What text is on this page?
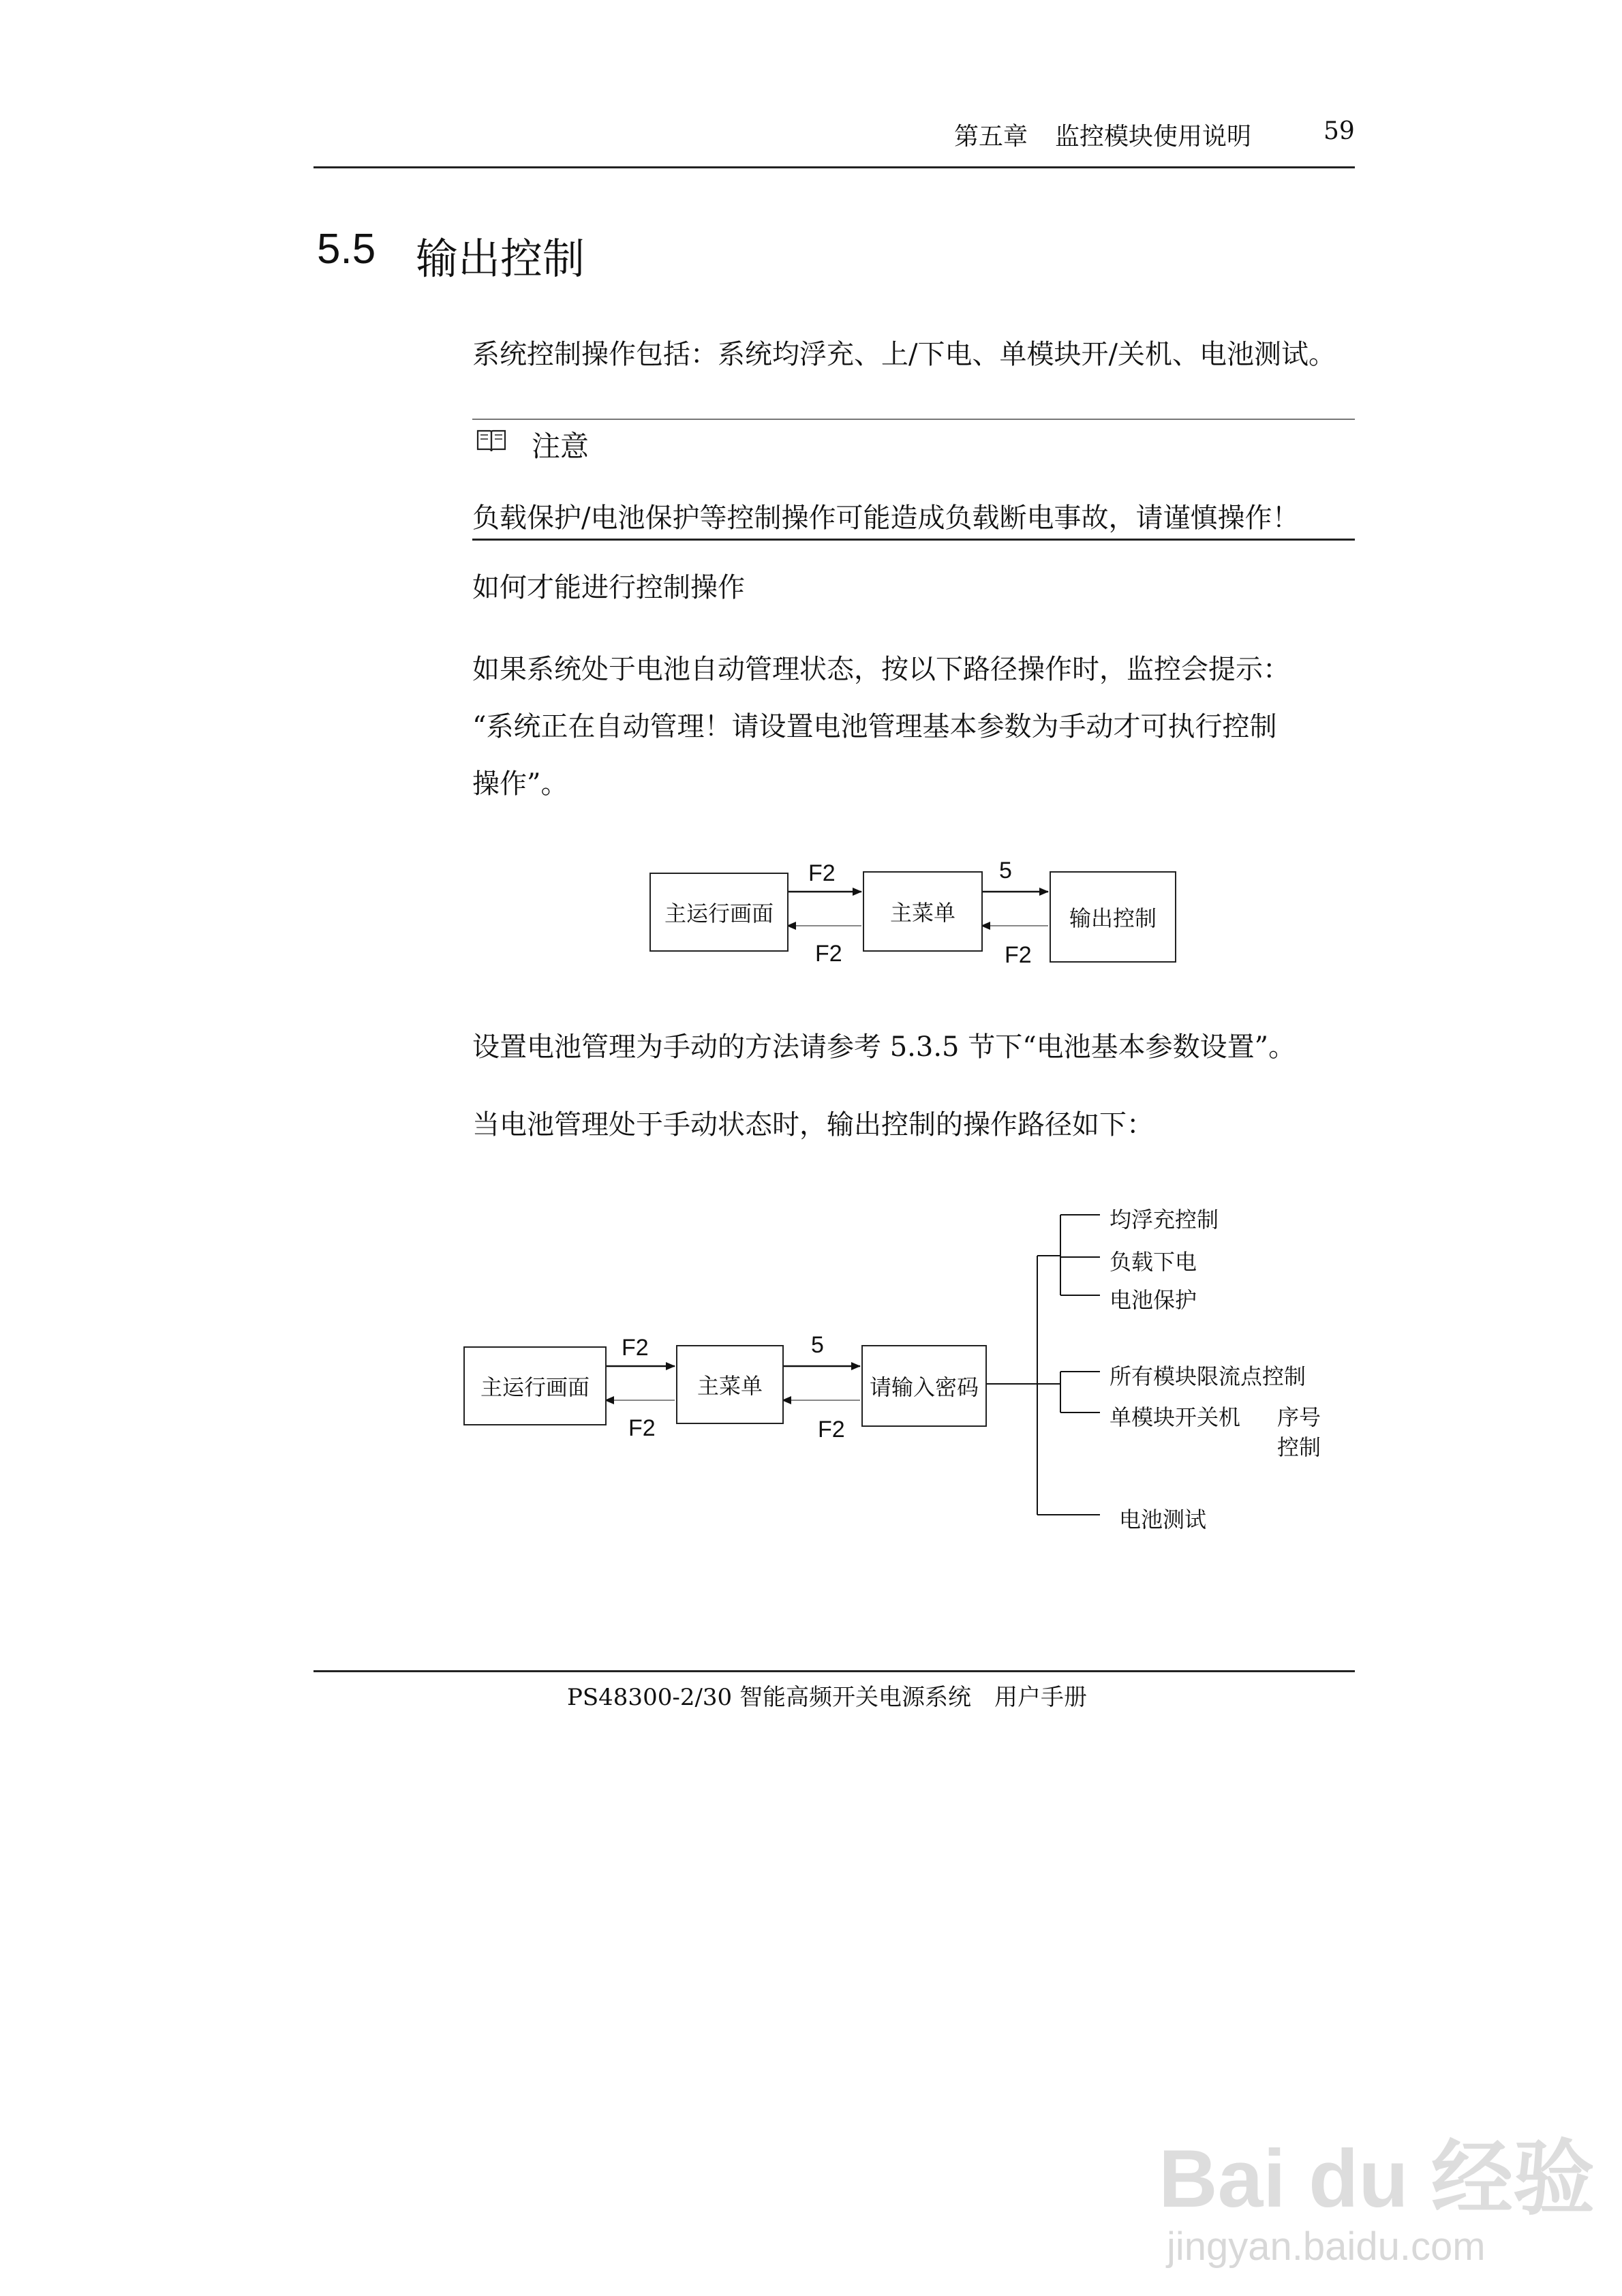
第五章 监控模块使用说明	59
5.5 输出控制
系统控制操作包括：系统均浮充、上/下电、单模块开/关机、电池测试。
注意
负载保护/电池保护等控制操作可能造成负载断电事故，请谨慎操作！
如何才能进行控制操作
如果系统处于电池自动管理状态，按以下路径操作时，监控会提示：
“系统正在自动管理！请设置电池管理基本参数为手动才可执行控制
操作”。
主运行画面	主菜单	输出控制
F2
F2
5
F2
设置电池管理为手动的方法请参考 5.3.5 节下“电池基本参数设置”。
当电池管理处于手动状态时，输出控制的操作路径如下：
主运行画面	主菜单	请输入密码
F2
F2
5
F2
均浮充控制
负载下电
电池保护
所有模块限流点控制
单模块开关机 序号
控制
电池测试
PS48300-2/30 智能高频开关电源系统　用户手册
Bai du 经验
jingyan.baidu.com
